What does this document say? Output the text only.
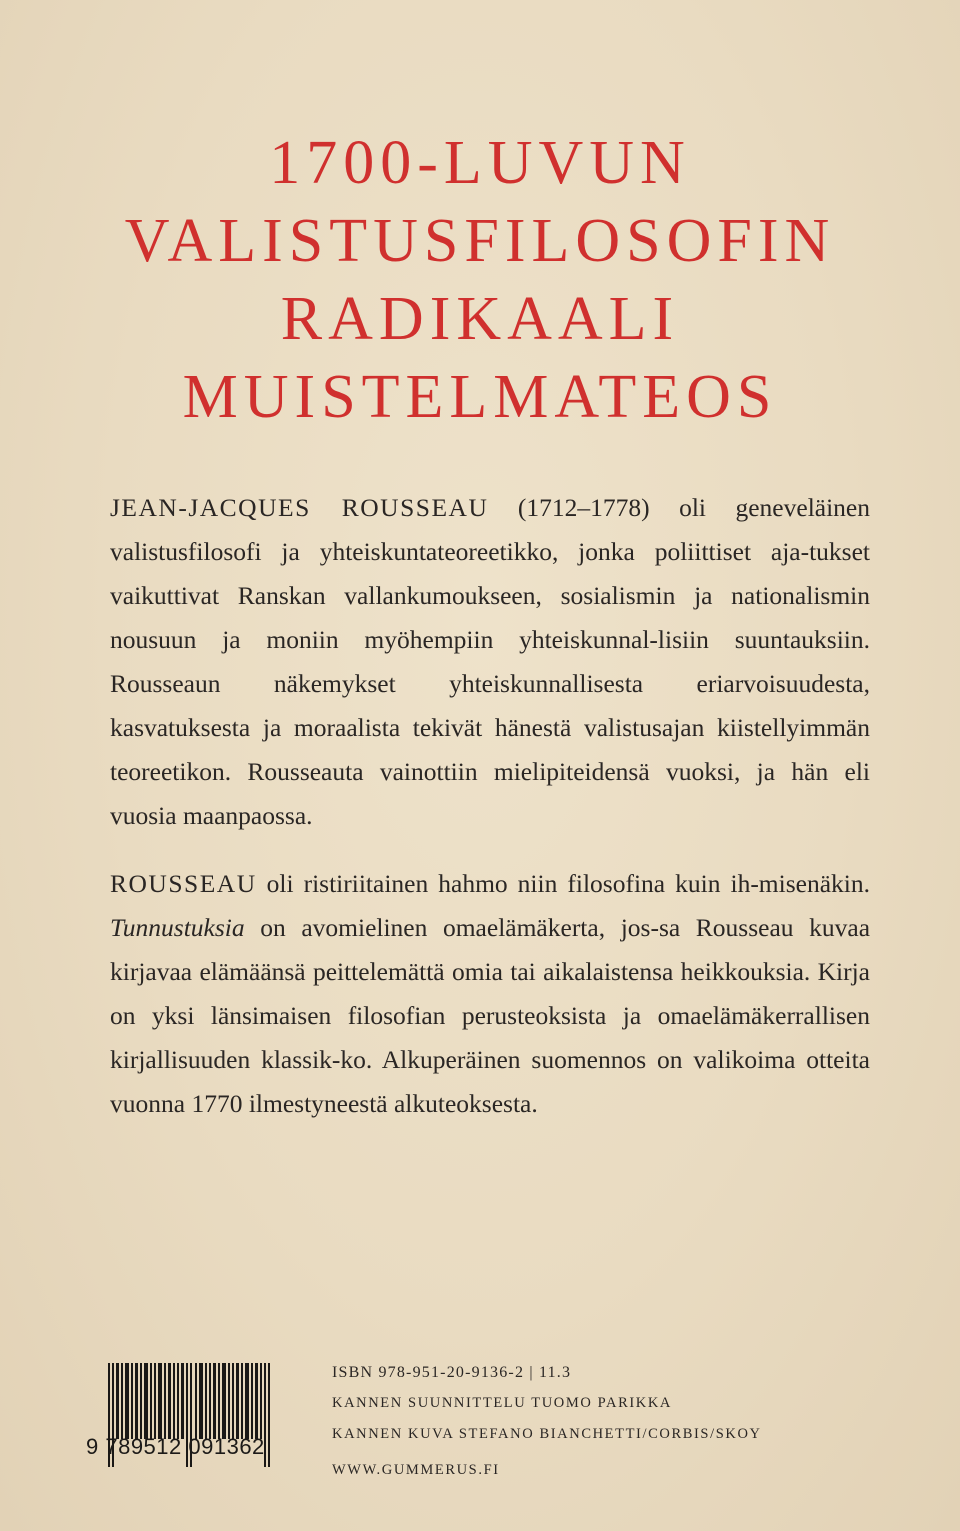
1700-LUVUN
VALISTUSFILOSOFIN
RADIKAALI
MUISTELMATEOS
JEAN-JACQUES ROUSSEAU (1712–1778) oli geneveläinen valistusfilosofi ja yhteiskuntateoreetikko, jonka poliittiset aja-tukset vaikuttivat Ranskan vallankumoukseen, sosialismin ja nationalismin nousuun ja moniin myöhempiin yhteiskunnal-lisiin suuntauksiin. Rousseaun näkemykset yhteiskunnallisesta eriarvoisuudesta, kasvatuksesta ja moraalista tekivät hänestä valistusajan kiistellyimmän teoreetikon. Rousseauta vainottiin mielipiteidensä vuoksi, ja hän eli vuosia maanpaossa.
ROUSSEAU oli ristiriitainen hahmo niin filosofina kuin ih-misenäkin. Tunnustuksia on avomielinen omaelämäkerta, jos-sa Rousseau kuvaa kirjavaa elämäänsä peittelemättä omia tai aikalaistensa heikkouksia. Kirja on yksi länsimaisen filosofian perusteoksista ja omaelämäkerrallisen kirjallisuuden klassik-ko. Alkuperäinen suomennos on valikoima otteita vuonna 1770 ilmestyneestä alkuteoksesta.
9 789512 091362
ISBN 978-951-20-9136-2 | 11.3
KANNEN SUUNNITTELU TUOMO PARIKKA
KANNEN KUVA STEFANO BIANCHETTI/CORBIS/SKOY
WWW.GUMMERUS.FI
